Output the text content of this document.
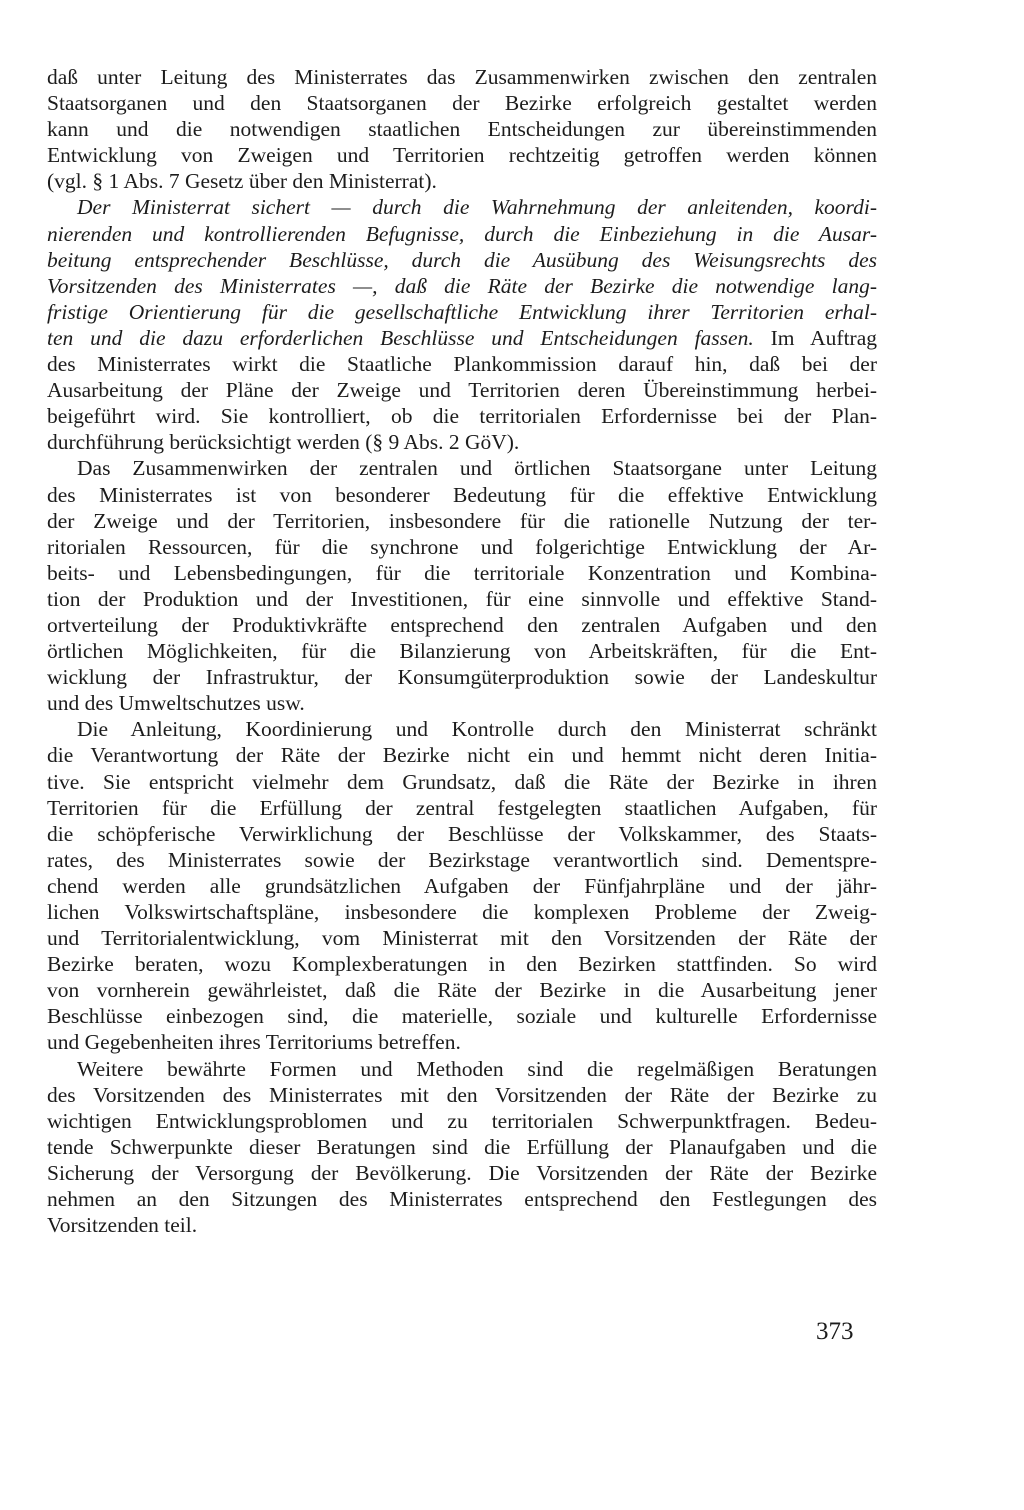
daß unter Leitung des Ministerrates das Zusammenwirken zwischen den zentralen
Staatsorganen und den Staatsorganen der Bezirke erfolgreich gestaltet werden
kann und die notwendigen staatlichen Entscheidungen zur übereinstimmenden
Entwicklung von Zweigen und Territorien rechtzeitig getroffen werden können
(vgl. § 1 Abs. 7 Gesetz über den Ministerrat).
Der Ministerrat sichert — durch die Wahrnehmung der anleitenden, koordi-
nierenden und kontrollierenden Befugnisse, durch die Einbeziehung in die Ausar-
beitung entsprechender Beschlüsse, durch die Ausübung des Weisungsrechts des
Vorsitzenden des Ministerrates —, daß die Räte der Bezirke die notwendige lang-
fristige Orientierung für die gesellschaftliche Entwicklung ihrer Territorien erhal-
ten und die dazu erforderlichen Beschlüsse und Entscheidungen fassen. Im Auftrag
des Ministerrates wirkt die Staatliche Plankommission darauf hin, daß bei der
Ausarbeitung der Pläne der Zweige und Territorien deren Übereinstimmung herbei-
beigeführt wird. Sie kontrolliert, ob die territorialen Erfordernisse bei der Plan-
durchführung berücksichtigt werden (§ 9 Abs. 2 GöV).
Das Zusammenwirken der zentralen und örtlichen Staatsorgane unter Leitung
des Ministerrates ist von besonderer Bedeutung für die effektive Entwicklung
der Zweige und der Territorien, insbesondere für die rationelle Nutzung der ter-
ritorialen Ressourcen, für die synchrone und folgerichtige Entwicklung der Ar-
beits- und Lebensbedingungen, für die territoriale Konzentration und Kombina-
tion der Produktion und der Investitionen, für eine sinnvolle und effektive Stand-
ortverteilung der Produktivkräfte entsprechend den zentralen Aufgaben und den
örtlichen Möglichkeiten, für die Bilanzierung von Arbeitskräften, für die Ent-
wicklung der Infrastruktur, der Konsumgüterproduktion sowie der Landeskultur
und des Umweltschutzes usw.
Die Anleitung, Koordinierung und Kontrolle durch den Ministerrat schränkt
die Verantwortung der Räte der Bezirke nicht ein und hemmt nicht deren Initia-
tive. Sie entspricht vielmehr dem Grundsatz, daß die Räte der Bezirke in ihren
Territorien für die Erfüllung der zentral festgelegten staatlichen Aufgaben, für
die schöpferische Verwirklichung der Beschlüsse der Volkskammer, des Staats-
rates, des Ministerrates sowie der Bezirkstage verantwortlich sind. Dementspre-
chend werden alle grundsätzlichen Aufgaben der Fünfjahrpläne und der jähr-
lichen Volkswirtschaftspläne, insbesondere die komplexen Probleme der Zweig-
und Territorialentwicklung, vom Ministerrat mit den Vorsitzenden der Räte der
Bezirke beraten, wozu Komplexberatungen in den Bezirken stattfinden. So wird
von vornherein gewährleistet, daß die Räte der Bezirke in die Ausarbeitung jener
Beschlüsse einbezogen sind, die materielle, soziale und kulturelle Erfordernisse
und Gegebenheiten ihres Territoriums betreffen.
Weitere bewährte Formen und Methoden sind die regelmäßigen Beratungen
des Vorsitzenden des Ministerrates mit den Vorsitzenden der Räte der Bezirke zu
wichtigen Entwicklungsproblomen und zu territorialen Schwerpunktfragen. Bedeu-
tende Schwerpunkte dieser Beratungen sind die Erfüllung der Planaufgaben und die
Sicherung der Versorgung der Bevölkerung. Die Vorsitzenden der Räte der Bezirke
nehmen an den Sitzungen des Ministerrates entsprechend den Festlegungen des
Vorsitzenden teil.
373
